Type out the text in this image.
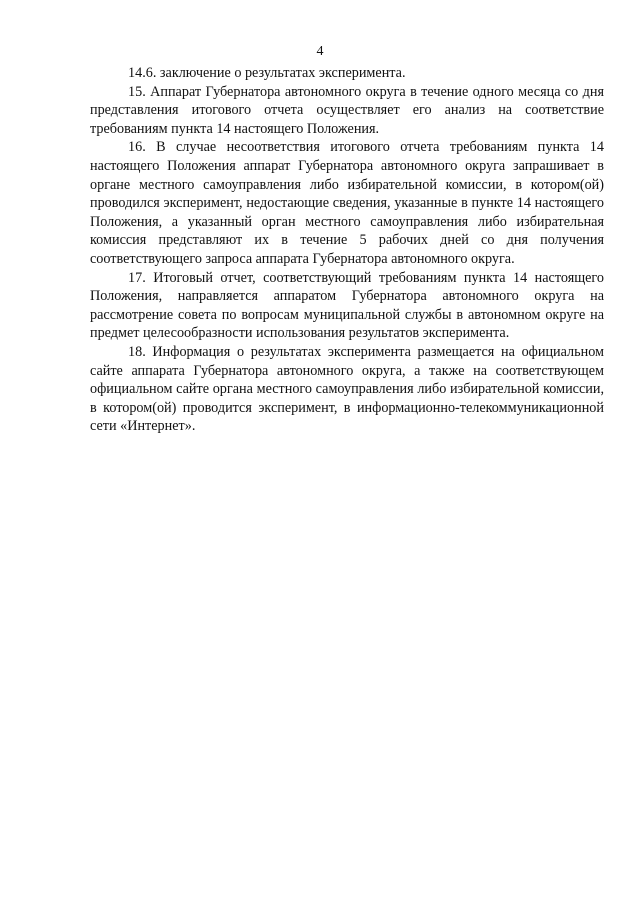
4

14.6. заключение о результатах эксперимента.

15. Аппарат Губернатора автономного округа в течение одного месяца со дня представления итогового отчета осуществляет его анализ на соответствие требованиям пункта 14 настоящего Положения.

16. В случае несоответствия итогового отчета требованиям пункта 14 настоящего Положения аппарат Губернатора автономного округа запрашивает в органе местного самоуправления либо избирательной комиссии, в котором(ой) проводился эксперимент, недостающие сведения, указанные в пункте 14 настоящего Положения, а указанный орган местного самоуправления либо избирательная комиссия представляют их в течение 5 рабочих дней со дня получения соответствующего запроса аппарата Губернатора автономного округа.

17. Итоговый отчет, соответствующий требованиям пункта 14 настоящего Положения, направляется аппаратом Губернатора автономного округа на рассмотрение совета по вопросам муниципальной службы в автономном округе на предмет целесообразности использования результатов эксперимента.

18. Информация о результатах эксперимента размещается на официальном сайте аппарата Губернатора автономного округа, а также на соответствующем официальном сайте органа местного самоуправления либо избирательной комиссии, в котором(ой) проводится эксперимент, в информационно-телекоммуникационной сети «Интернет».
